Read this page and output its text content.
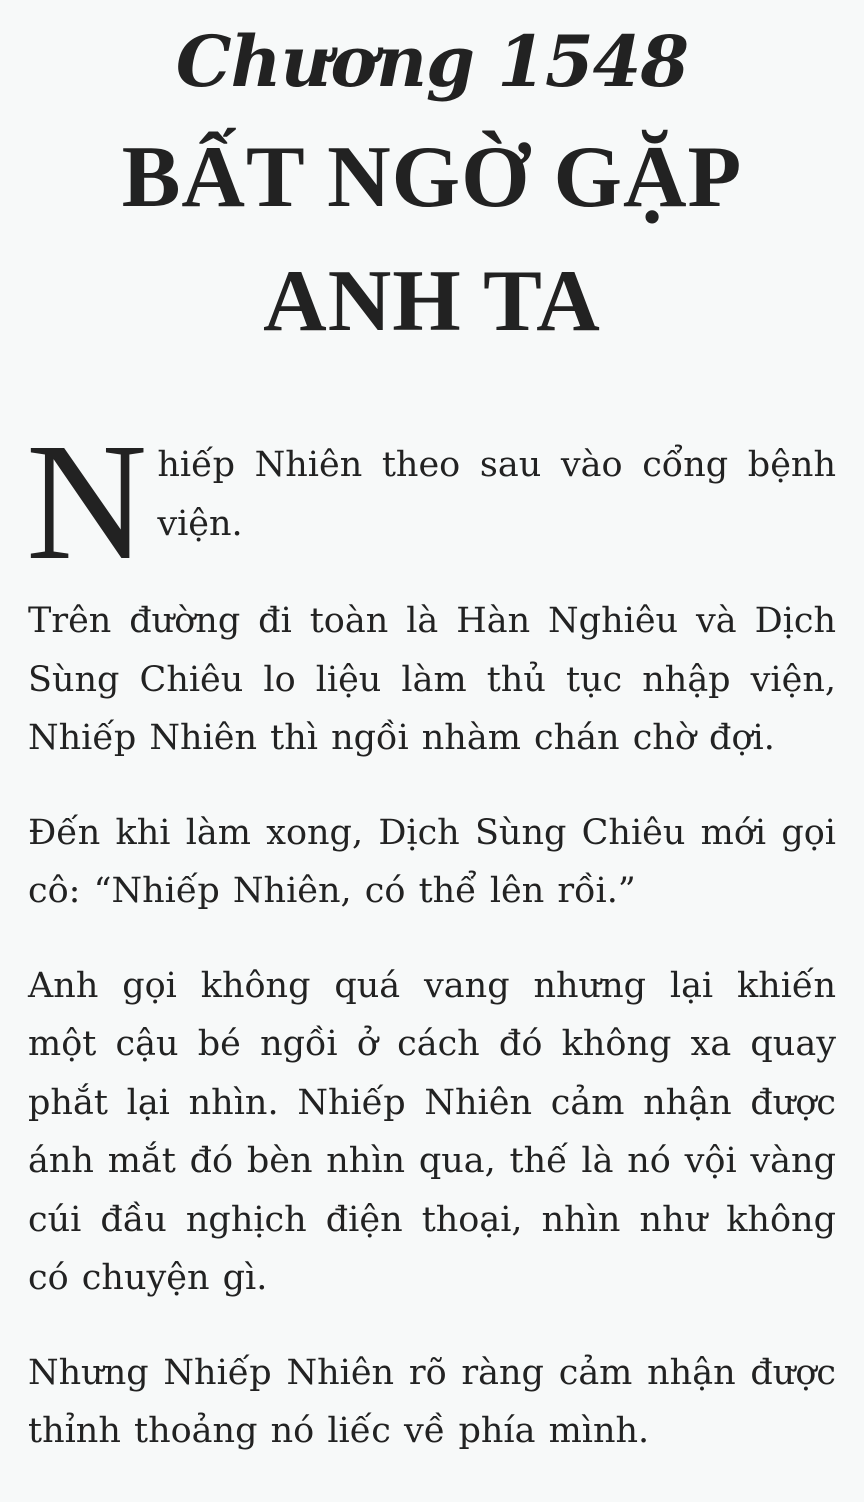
Chương 1548
BẤT NGỜ GẶP
ANH TA

Nhiếp Nhiên theo sau vào cổng bệnh viện.

Trên đường đi toàn là Hàn Nghiêu và Dịch Sùng Chiêu lo liệu làm thủ tục nhập viện, Nhiếp Nhiên thì ngồi nhàm chán chờ đợi.

Đến khi làm xong, Dịch Sùng Chiêu mới gọi cô: “Nhiếp Nhiên, có thể lên rồi.”

Anh gọi không quá vang nhưng lại khiến một cậu bé ngồi ở cách đó không xa quay phắt lại nhìn. Nhiếp Nhiên cảm nhận được ánh mắt đó bèn nhìn qua, thế là nó vội vàng cúi đầu nghịch điện thoại, nhìn như không có chuyện gì.

Nhưng Nhiếp Nhiên rõ ràng cảm nhận được thỉnh thoảng nó liếc về phía mình.
